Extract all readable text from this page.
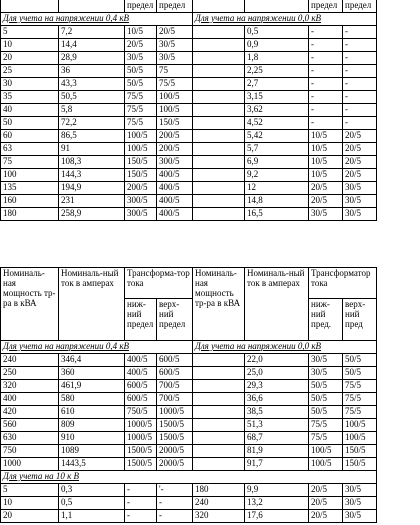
		предел	предел			предел	предел
Для учета на напряжении 0,4 кВ				Для учета на напряжении 0,0 кВ			
5	7,2	10/5	20/5		0,5	-	-
10	14,4	20/5	30/5		0,9	-	-
20	28,9	30/5	30/5		1,8	-	-
25	36	50/5	75		2,25	-	-
30	43,3	50/5	75/5		2,7	-	-
35	50,5	75/5	100/5		3,15	-	-
40	5,8	75/5	100/5		3,62	-	-
50	72,2	75/5	150/5		4,52	-	-
60	86,5	100/5	200/5		5,42	10/5	20/5
63	91	100/5	200/5		5,7	10/5	20/5
75	108,3	150/5	300/5		6,9	10/5	20/5
100	144,3	150/5	400/5		9,2	10/5	20/5
135	194,9	200/5	400/5		12	20/5	30/5
160	231	300/5	400/5		14,8	20/5	30/5
180	258,9	300/5	400/5		16,5	30/5	30/5
Номиналь-ная мощность тр-ра в кВА	Номиналь-ный ток в амперах	Трансформа-тор тока		Номиналь-ная мощность тр-ра в кВА	Номиналь-ный ток в амперах	Трансформатор тока	
		ниж-ний предел	верх-ний предел			ниж-ний пред.	верх-ний пред
Для учета на напряжении 0,4 кВ				Для учета на напряжении 0,0 кВ			
240	346,4	400/5	600/5		22,0	30/5	50/5
250	360	400/5	600/5		25,0	30/5	50/5
320	461,9	600/5	700/5		29,3	50/5	75/5
400	580	600/5	700/5		36,6	50/5	75/5
420	610	750/5	1000/5		38,5	50/5	75/5
560	809	1000/5	1500/5		51,3	75/5	100/5
630	910	1000/5	1500/5		68,7	75/5	100/5
750	1089	1500/5	2000/5		81,9	100/5	150/5
1000	1443,5	1500/5	2000/5		91,7	100/5	150/5
Для учета на 10 к В							
5	0,3	-	'-	180	9,9	20/5	30/5
10	0,5	-	-	240	13,2	20/5	30/5
20	1,1	-	-	320	17,6	20/5	30/5
